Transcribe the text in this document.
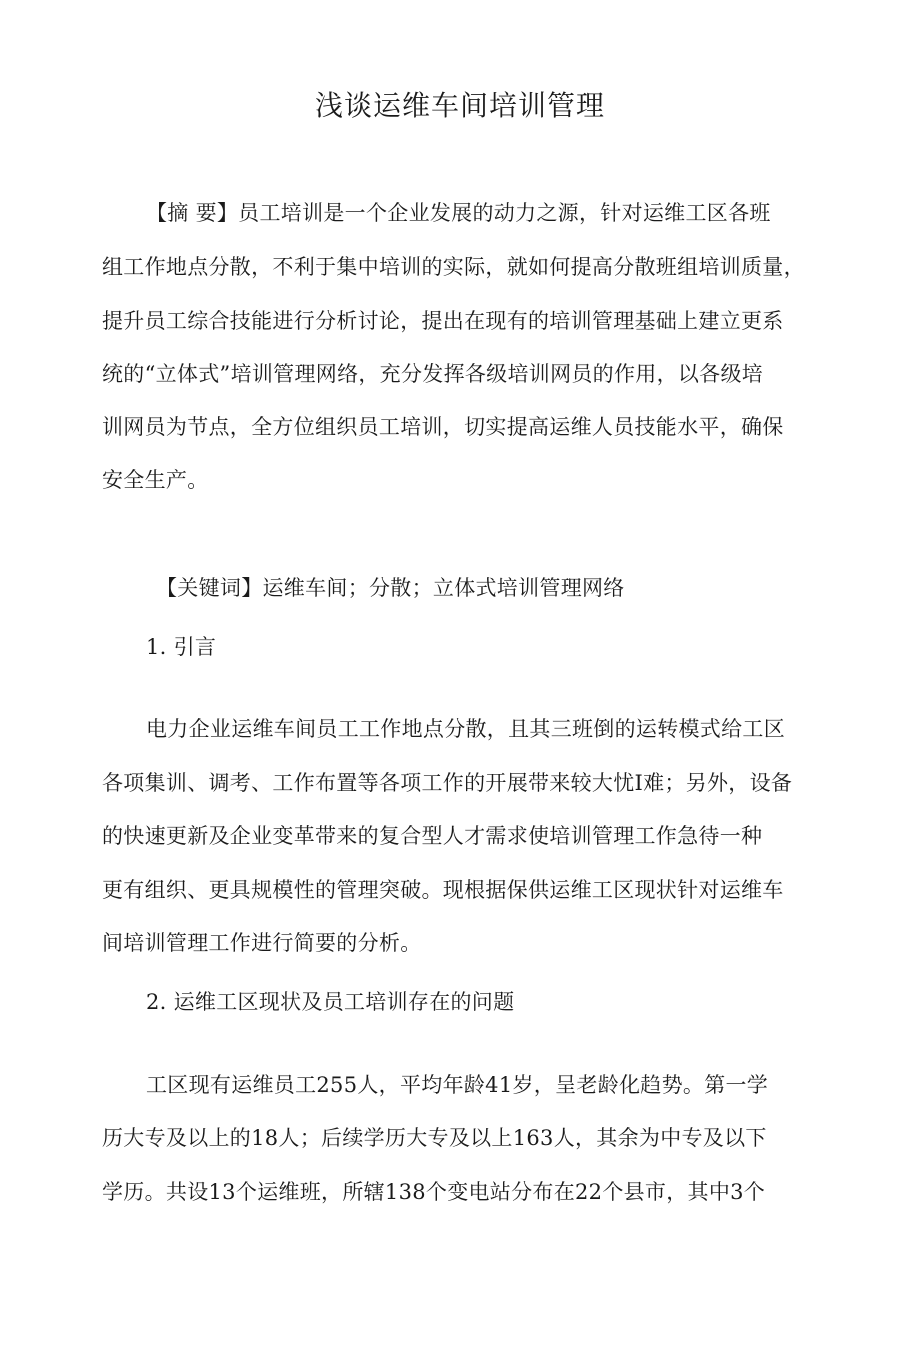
浅谈运维车间培训管理
【摘 要】员工培训是一个企业发展的动力之源，针对运维工区各班
组工作地点分散，不利于集中培训的实际，就如何提高分散班组培训质量，
提升员工综合技能进行分析讨论，提出在现有的培训管理基础上建立更系
统的“立体式”培训管理网络，充分发挥各级培训网员的作用，以各级培
训网员为节点，全方位组织员工培训，切实提高运维人员技能水平，确保
安全生产。
【关键词】运维车间；分散；立体式培训管理网络
1. 引言
电力企业运维车间员工工作地点分散，且其三班倒的运转模式给工区
各项集训、调考、工作布置等各项工作的开展带来较大忧I难；另外，设备
的快速更新及企业变革带来的复合型人才需求使培训管理工作急待一种
更有组织、更具规模性的管理突破。现根据保供运维工区现状针对运维车
间培训管理工作进行简要的分析。
2. 运维工区现状及员工培训存在的问题
工区现有运维员工255人，平均年龄41岁，呈老龄化趋势。第一学
历大专及以上的18人；后续学历大专及以上163人，其余为中专及以下
学历。共设13个运维班，所辖138个变电站分布在22个县市，其中3个
